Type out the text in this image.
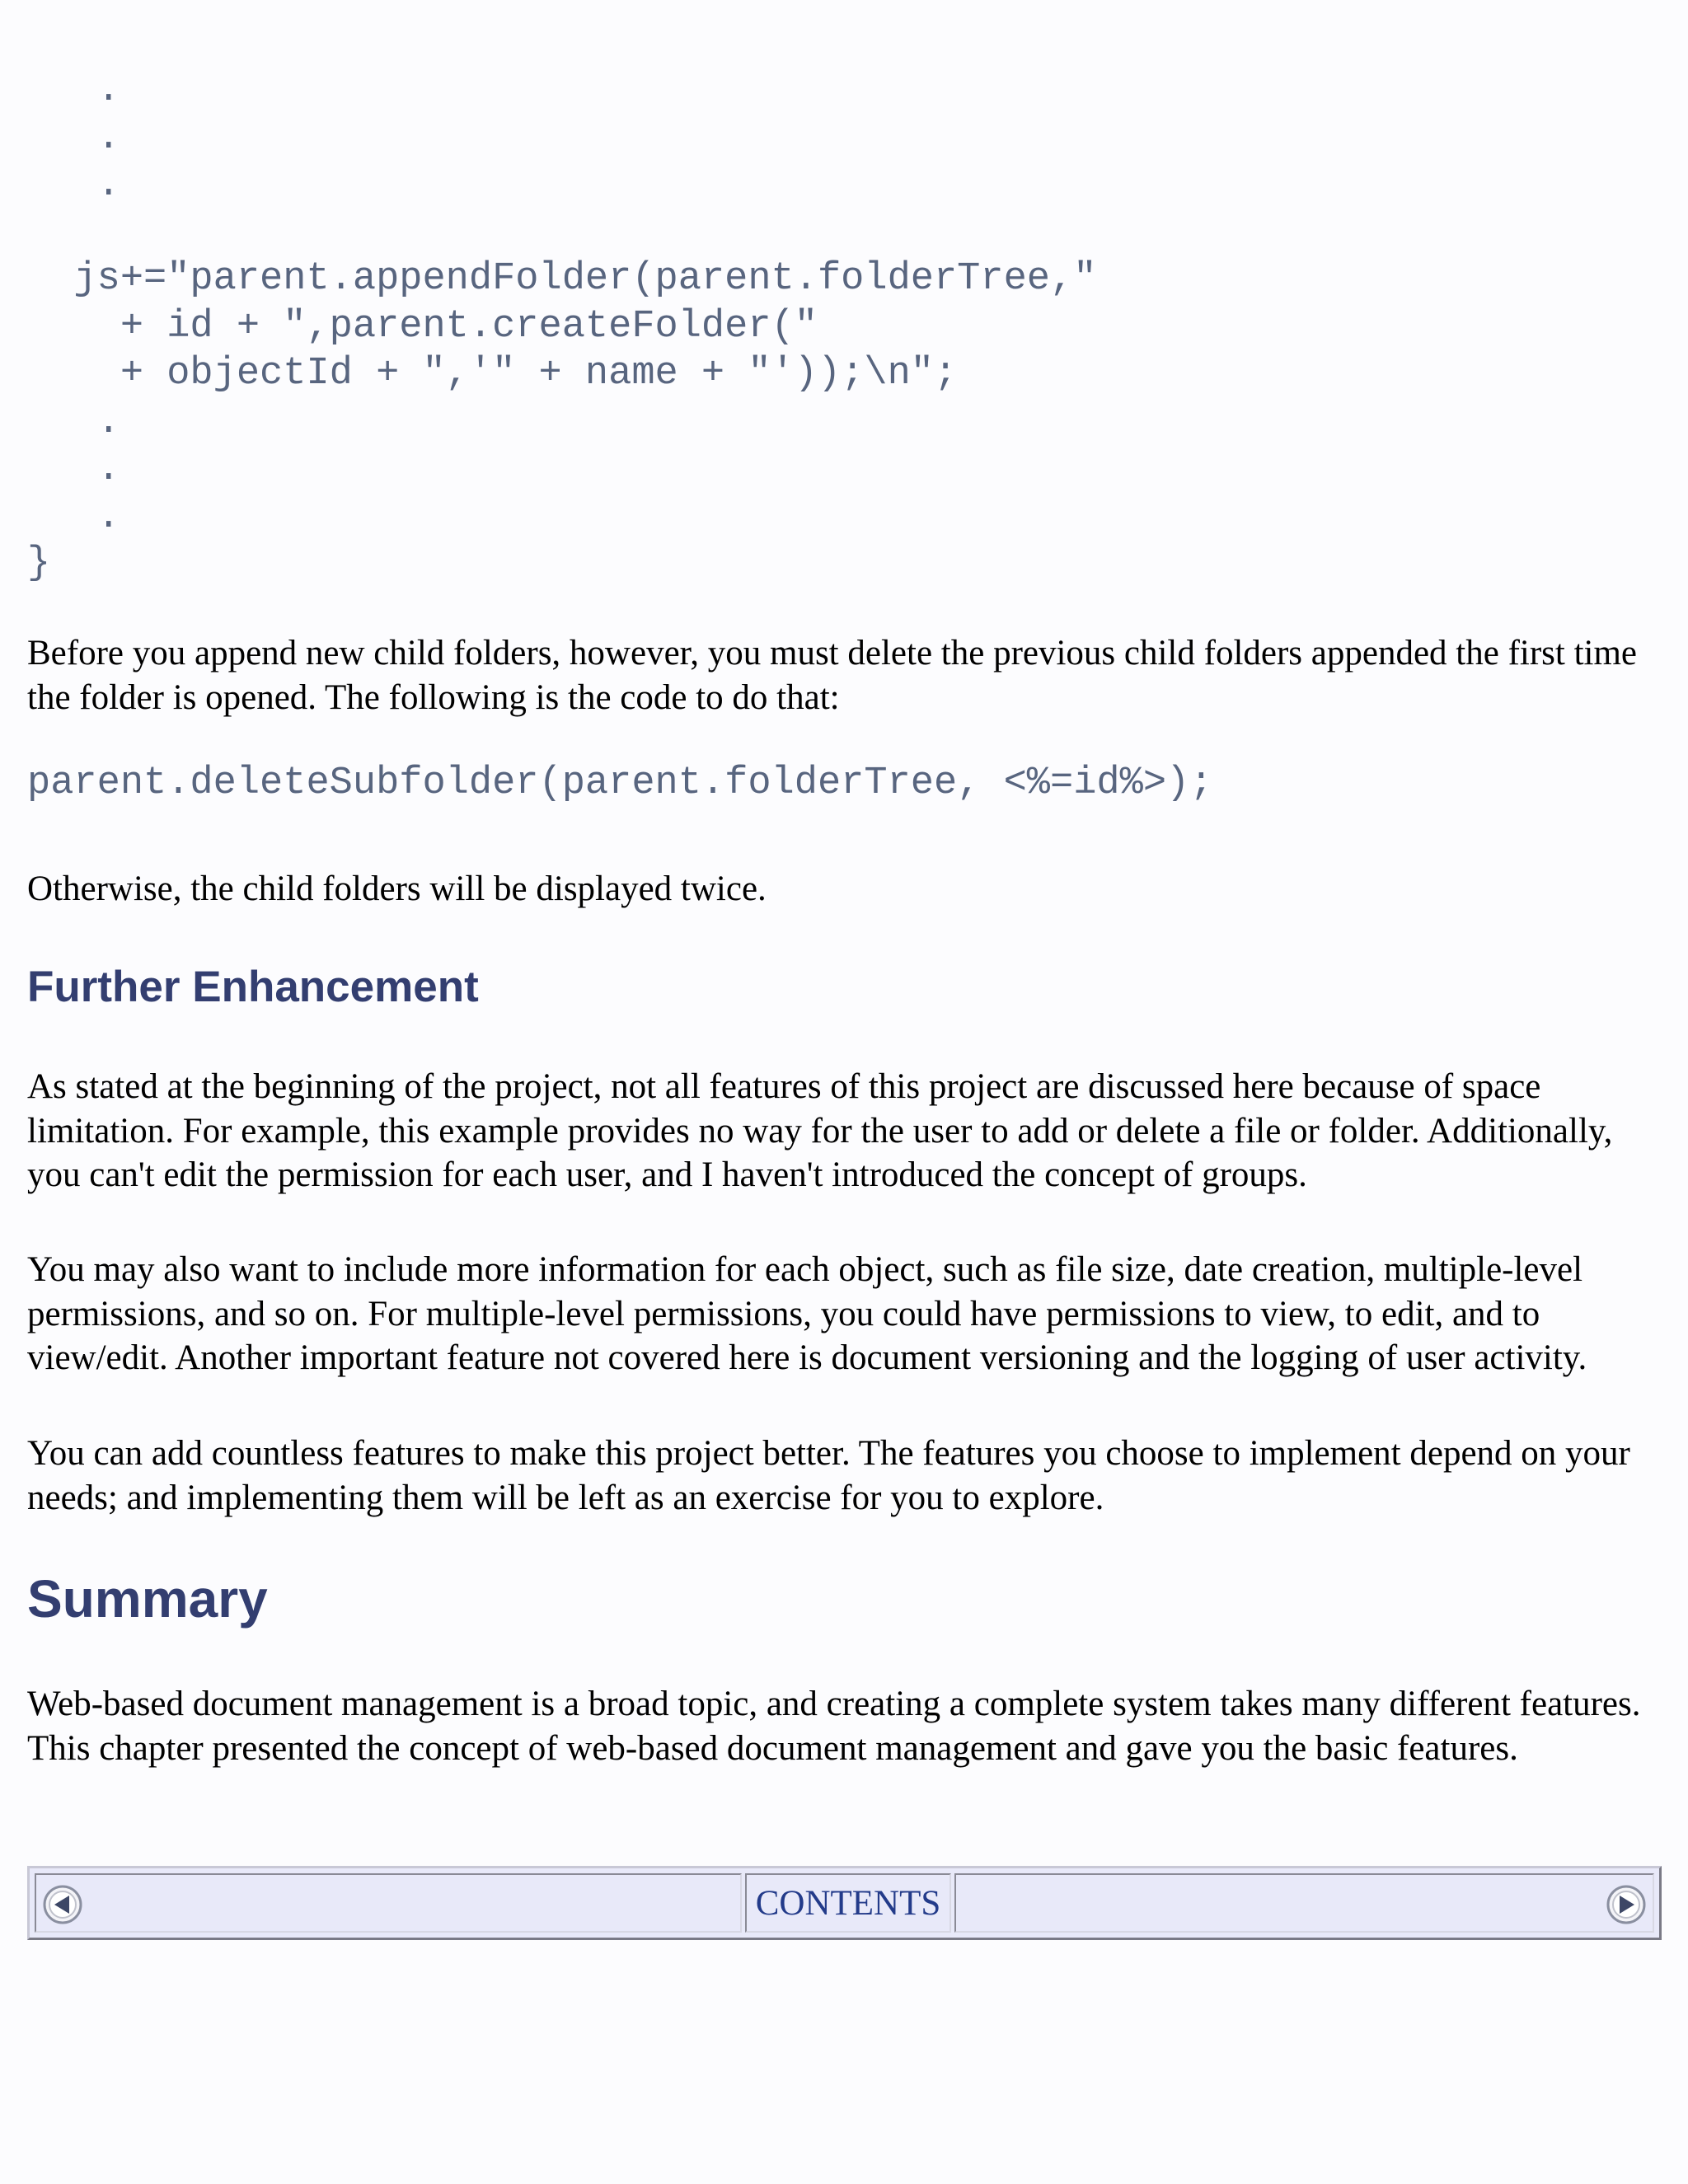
.
.
.
js+="parent.appendFolder(parent.folderTree,"
+ id + ",parent.createFolder("
+ objectId + ",'" + name + "'));\n";
.
.
.
}

Before you append new child folders, however, you must delete the previous child folders appended the first time the folder is opened. The following is the code to do that:

parent.deleteSubfolder(parent.folderTree, <%=id%>);

Otherwise, the child folders will be displayed twice.

Further Enhancement

As stated at the beginning of the project, not all features of this project are discussed here because of space limitation. For example, this example provides no way for the user to add or delete a file or folder. Additionally, you can't edit the permission for each user, and I haven't introduced the concept of groups.

You may also want to include more information for each object, such as file size, date creation, multiple-level permissions, and so on. For multiple-level permissions, you could have permissions to view, to edit, and to view/edit. Another important feature not covered here is document versioning and the logging of user activity.

You can add countless features to make this project better. The features you choose to implement depend on your needs; and implementing them will be left as an exercise for you to explore.

Summary

Web-based document management is a broad topic, and creating a complete system takes many different features. This chapter presented the concept of web-based document management and gave you the basic features.

CONTENTS
